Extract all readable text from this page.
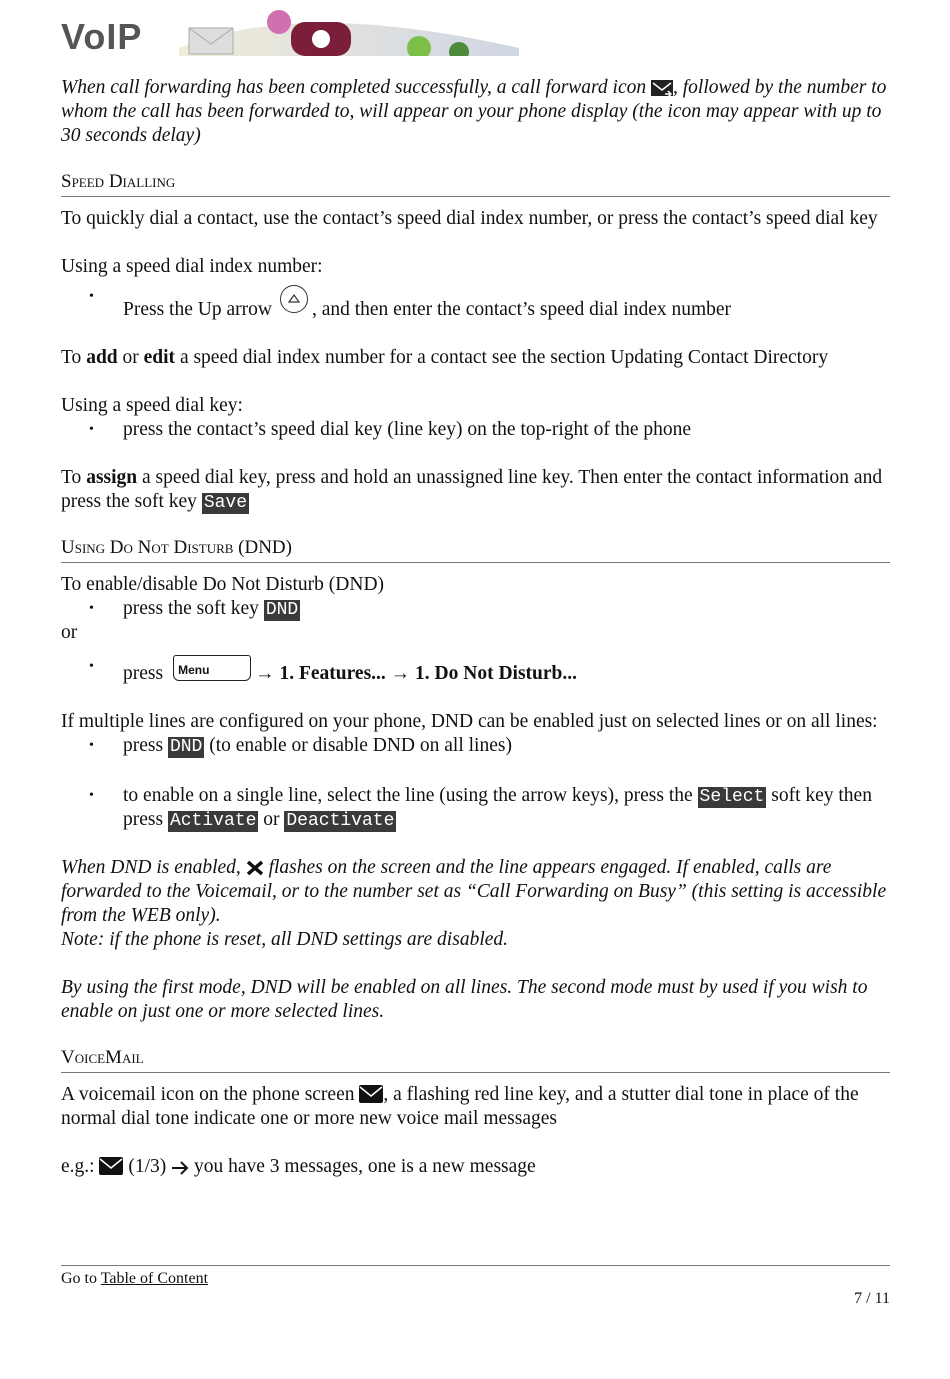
VoIP

When call forwarding has been completed successfully, a call forward icon , followed by the number to whom the call has been forwarded to, will appear on your phone display (the icon may appear with up to 30 seconds delay)

Speed Dialling

To quickly dial a contact, use the contact’s speed dial index number, or press the contact’s speed dial key

Using a speed dial index number:

• Press the Up arrow , and then enter the contact’s speed dial index number

To add or edit a speed dial index number for a contact see the section Updating Contact Directory

Using a speed dial key:

• press the contact’s speed dial key (line key) on the top-right of the phone

To assign a speed dial key, press and hold an unassigned line key. Then enter the contact information and press the soft key Save

Using Do Not Disturb (DND)

To enable/disable Do Not Disturb (DND)

• press the soft key DND

or

• press Menu → 1. Features... → 1. Do Not Disturb...

If multiple lines are configured on your phone, DND can be enabled just on selected lines or on all lines:

• press DND (to enable or disable DND on all lines)
• to enable on a single line, select the line (using the arrow keys), press the Select soft key then press Activate or Deactivate

When DND is enabled,  flashes on the screen and the line appears engaged. If enabled, calls are forwarded to the Voicemail, or to the number set as “Call Forwarding on Busy” (this setting is accessible from the WEB only).

Note: if the phone is reset, all DND settings are disabled.

By using the first mode, DND will be enabled on all lines. The second mode must by used if you wish to enable on just one or more selected lines.

VoiceMail

A voicemail icon on the phone screen , a flashing red line key, and a stutter dial tone in place of the normal dial tone indicate one or more new voice mail messages

e.g.:  (1/3)  you have 3 messages, one is a new message

Go to Table of Content
7 / 11
